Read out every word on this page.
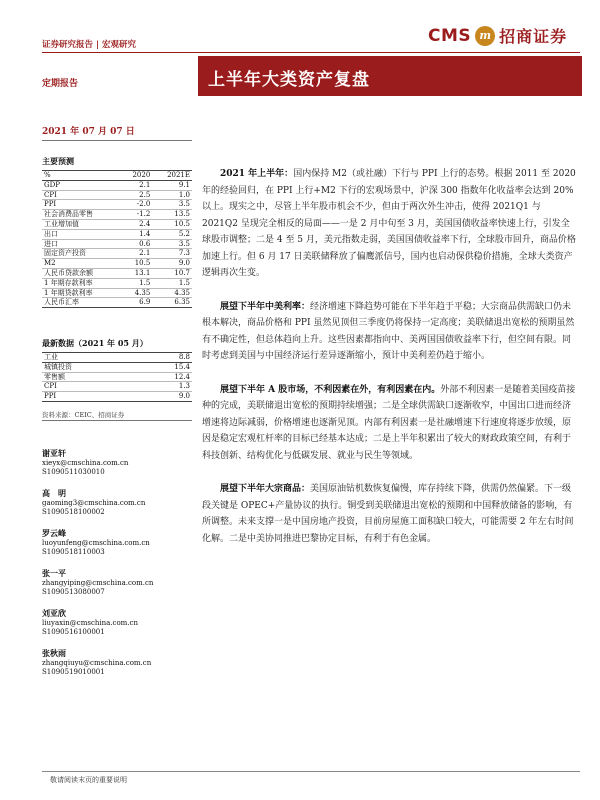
证券研究报告 | 宏观研究	CMS m 招商证券
上半年大类资产复盘
定期报告
2021 年 07 月 07 日
主要预测
%	2020	2021E
GDP	2.1	9.1
CPI	2.5	1.0
PPI	-2.0	3.5
社会消费品零售	-1.2	13.5
工业增加值	2.4	10.5
出口	1.4	5.2
进口	0.6	3.5
固定资产投资	2.1	7.3
M2	10.5	9.0
人民币贷款余额	13.1	10.7
1 年期存款利率	1.5	1.5
1 年期贷款利率	4.35	4.35
人民币汇率	6.9	6.35
最新数据（2021 年 05 月）
工业	8.8
城镇投资	15.4
零售额	12.4
CPI	1.3
PPI	9.0
资料来源：CEIC、招商证券
谢亚轩
xieyx@cmschina.com.cn
S1090511030010
高　明
gaoming3@cmschina.com.cn
S1090518100002
罗云峰
luoyunfeng@cmschina.com.cn
S1090518110003
张一平
zhangyiping@cmschina.com.cn
S1090513080007
刘亚欣
liuyaxin@cmschina.com.cn
S1090516100001
张秋雨
zhangqiuyu@cmschina.com.cn
S1090519010001

2021 年上半年：国内保持 M2（或社融）下行与 PPI 上行的态势。根据 2011 至 2020 年的经验回归，在 PPI 上行+M2 下行的宏观场景中，沪深 300 指数年化收益率会达到 20%以上。现实之中，尽管上半年股市机会不少，但由于两次外生冲击，使得 2021Q1 与 2021Q2 呈现完全相反的局面——一是 2 月中旬至 3 月，美国国债收益率快速上行，引发全球股市调整；二是 4 至 5 月，美元指数走弱，美国国债收益率下行，全球股市回升，商品价格加速上行。但 6 月 17 日美联储释放了偏鹰派信号，国内也启动保供稳价措施，全球大类资产逻辑再次生变。

展望下半年中美利率：经济增速下降趋势可能在下半年趋于平稳；大宗商品供需缺口仍未根本解决，商品价格和 PPI 虽然见顶但三季度仍将保持一定高度；美联储退出宽松的预期虽然有不确定性，但总体趋向上升。这些因素都指向中、美两国国债收益率下行，但空间有限。同时考虑到美国与中国经济运行差异逐渐缩小，预计中美利差仍趋于缩小。

展望下半年 A 股市场，不利因素在外，有利因素在内。外部不利因素一是随着美国疫苗接种的完成，美联储退出宽松的预期持续增强；二是全球供需缺口逐渐收窄，中国出口进而经济增速将边际减弱，价格增速也逐渐见顶。内部有利因素一是社融增速下行速度将逐步放缓，原因是稳定宏观杠杆率的目标已经基本达成；二是上半年积累出了较大的财政政策空间，有利于科技创新、结构优化与低碳发展、就业与民生等领域。

展望下半年大宗商品：美国原油钻机数恢复偏慢，库存持续下降，供需仍然偏紧。下一级段关键是 OPEC+产量协议的执行。铜受到美联储退出宽松的预期和中国释放储备的影响，有所调整。未来支撑一是中国房地产投资，目前房屋施工面积缺口较大，可能需要 2 年左右时间化解。二是中美协同推进巴黎协定目标，有利于有色金属。

敬请阅读末页的重要说明
